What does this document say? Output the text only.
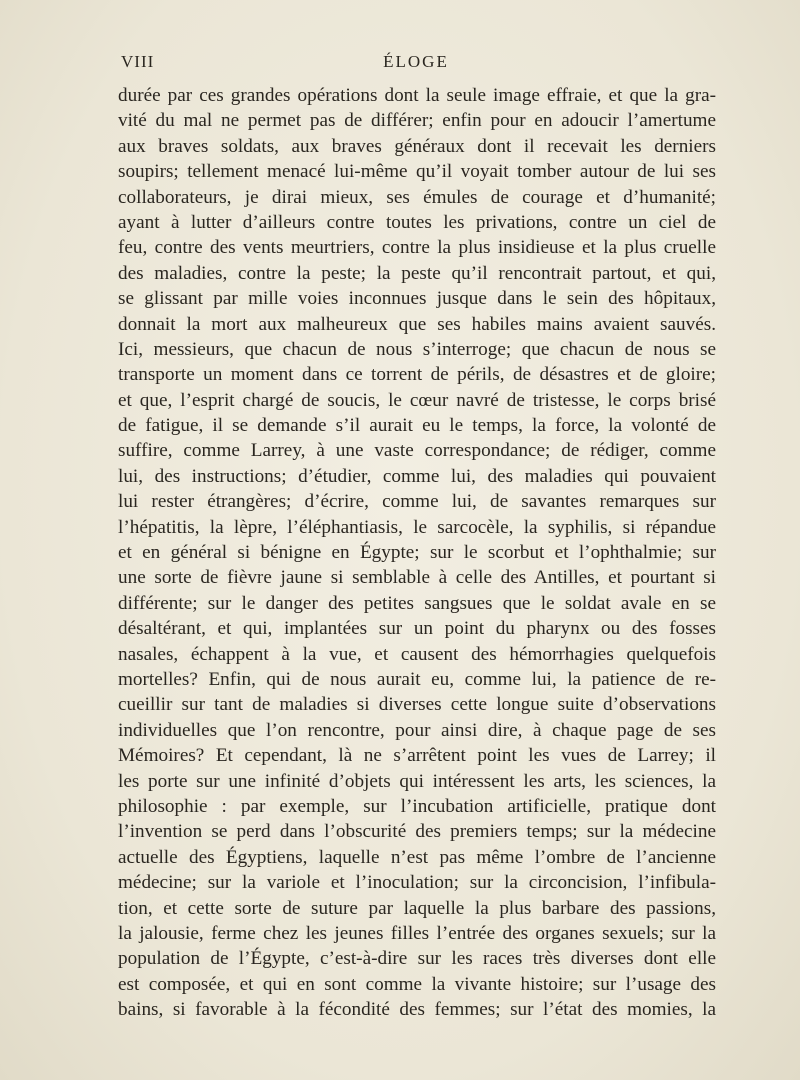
VIII	ÉLOGE
durée par ces grandes opérations dont la seule image effraie, et que la gra-
vité du mal ne permet pas de différer; enfin pour en adoucir l’amertume
aux braves soldats, aux braves généraux dont il recevait les derniers
soupirs; tellement menacé lui-même qu’il voyait tomber autour de lui ses
collaborateurs, je dirai mieux, ses émules de courage et d’humanité;
ayant à lutter d’ailleurs contre toutes les privations, contre un ciel de
feu, contre des vents meurtriers, contre la plus insidieuse et la plus cruelle
des maladies, contre la peste; la peste qu’il rencontrait partout, et qui,
se glissant par mille voies inconnues jusque dans le sein des hôpitaux,
donnait la mort aux malheureux que ses habiles mains avaient sauvés.
Ici, messieurs, que chacun de nous s’interroge; que chacun de nous se
transporte un moment dans ce torrent de périls, de désastres et de gloire;
et que, l’esprit chargé de soucis, le cœur navré de tristesse, le corps brisé
de fatigue, il se demande s’il aurait eu le temps, la force, la volonté de
suffire, comme Larrey, à une vaste correspondance; de rédiger, comme
lui, des instructions; d’étudier, comme lui, des maladies qui pouvaient
lui rester étrangères; d’écrire, comme lui, de savantes remarques sur
l’hépatitis, la lèpre, l’éléphantiasis, le sarcocèle, la syphilis, si répandue
et en général si bénigne en Égypte; sur le scorbut et l’ophthalmie; sur
une sorte de fièvre jaune si semblable à celle des Antilles, et pourtant si
différente; sur le danger des petites sangsues que le soldat avale en se
désaltérant, et qui, implantées sur un point du pharynx ou des fosses
nasales, échappent à la vue, et causent des hémorrhagies quelquefois
mortelles? Enfin, qui de nous aurait eu, comme lui, la patience de re-
cueillir sur tant de maladies si diverses cette longue suite d’observations
individuelles que l’on rencontre, pour ainsi dire, à chaque page de ses
Mémoires? Et cependant, là ne s’arrêtent point les vues de Larrey; il
les porte sur une infinité d’objets qui intéressent les arts, les sciences, la
philosophie : par exemple, sur l’incubation artificielle, pratique dont
l’invention se perd dans l’obscurité des premiers temps; sur la médecine
actuelle des Égyptiens, laquelle n’est pas même l’ombre de l’ancienne
médecine; sur la variole et l’inoculation; sur la circoncision, l’infibula-
tion, et cette sorte de suture par laquelle la plus barbare des passions,
la jalousie, ferme chez les jeunes filles l’entrée des organes sexuels; sur la
population de l’Égypte, c’est-à-dire sur les races très diverses dont elle
est composée, et qui en sont comme la vivante histoire; sur l’usage des
bains, si favorable à la fécondité des femmes; sur l’état des momies, la
